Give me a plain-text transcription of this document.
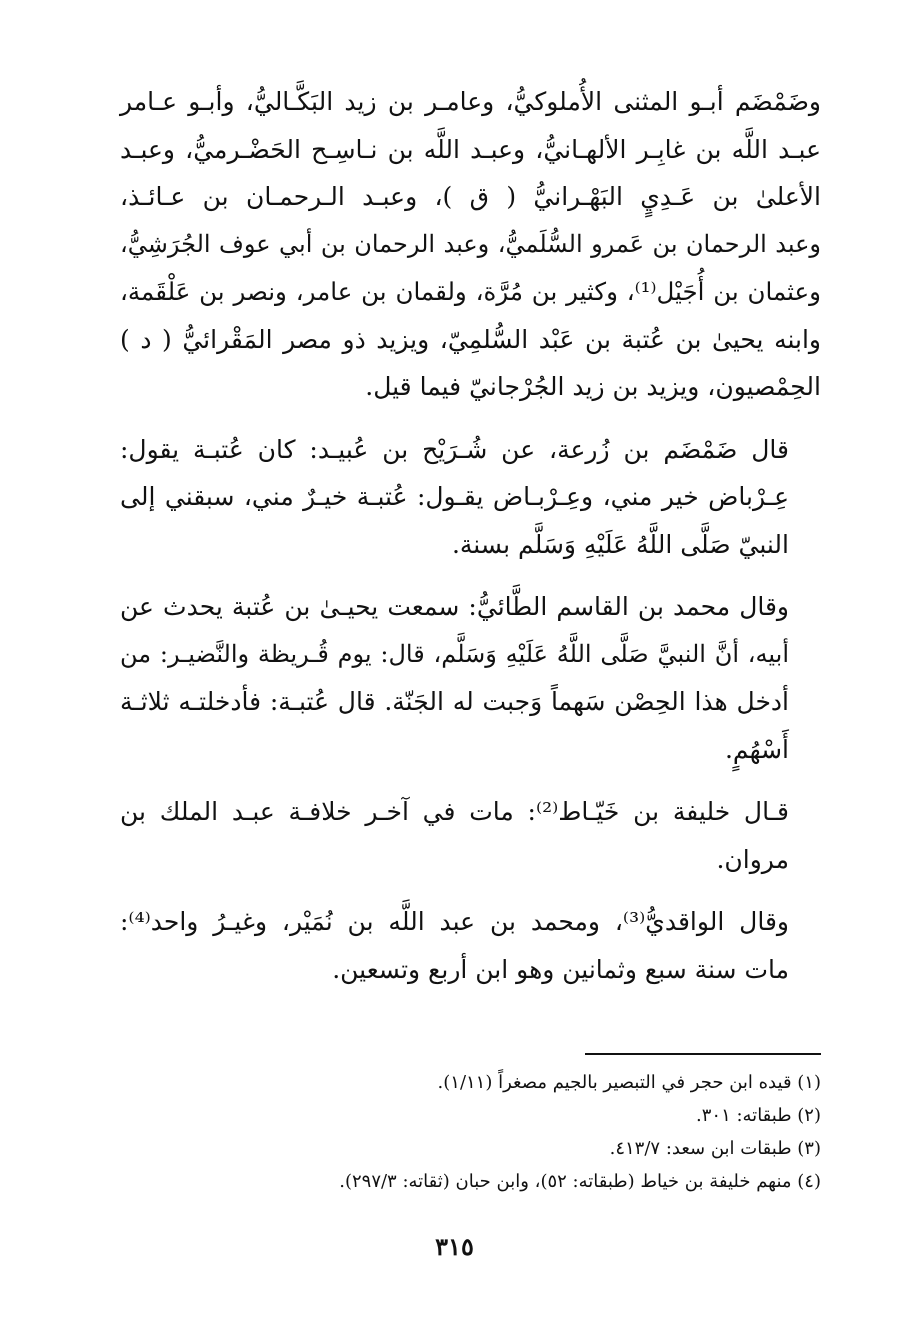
وضَمْضَم أبـو المثنى الأُملوكيُّ، وعامـر بن زيد البَكَّـاليُّ، وأبـو عـامر
عبـد اللَّه بن غابِـر الألهـانيُّ، وعبـد اللَّه بن نـاسِـح الحَضْـرميُّ، وعبـد
الأعلىٰ بن عَـدِيٍ البَهْـرانيُّ ( ق )، وعبـد الـرحمـان بن عـائـذ،
وعبد الرحمان بن عَمرو السُّلَميُّ، وعبد الرحمان بن أبي عوف الجُرَشِيُّ،
وعثمان بن أُجَيْل⁽¹⁾، وكثير بن مُرَّة، ولقمان بن عامر، ونصر بن عَلْقَمة،
وابنه يحيىٰ بن عُتبة بن عَبْد السُّلمِيّ، ويزيد ذو مصر المَقْرائيُّ ( د )
الحِمْصيون، ويزيد بن زيد الجُرْجانيّ فيما قيل.

قال ضَمْضَم بن زُرعة، عن شُـرَيْح بن عُبيـد: كان عُتبـة يقول:
عِـرْباض خير مني، وعِـرْبـاض يقـول: عُتبـة خيـرٌ مني، سبقني إلى
النبيّ صَلَّى اللَّهُ عَلَيْهِ وَسَلَّم بسنة.

وقال محمد بن القاسم الطَّائيُّ: سمعت يحيـىٰ بن عُتبة يحدث عن
أبيه، أنَّ النبيَّ صَلَّى اللَّهُ عَلَيْهِ وَسَلَّم، قال: يوم قُـريظة والنَّضيـر: من
أدخل هذا الحِصْن سَهماً وَجبت له الجَنّة. قال عُتبـة: فأدخلتـه ثلاثـة
أَسْهُمٍ.

قـال خليفة بن خَيّـاط⁽²⁾: مات في آخـر خلافـة عبـد الملك بن
مروان.

وقال الواقديُّ⁽³⁾، ومحمد بن عبد اللَّه بن نُمَيْر، وغيـرُ واحد⁽⁴⁾:
مات سنة سبع وثمانين وهو ابن أربع وتسعين.

(١) قيده ابن حجر في التبصير بالجيم مصغراً (١/١١).
(٢) طبقاته: ٣٠١.
(٣) طبقات ابن سعد: ٤١٣/٧.
(٤) منهم خليفة بن خياط (طبقاته: ٥٢)، وابن حبان (ثقاته: ٢٩٧/٣).
٣١٥
